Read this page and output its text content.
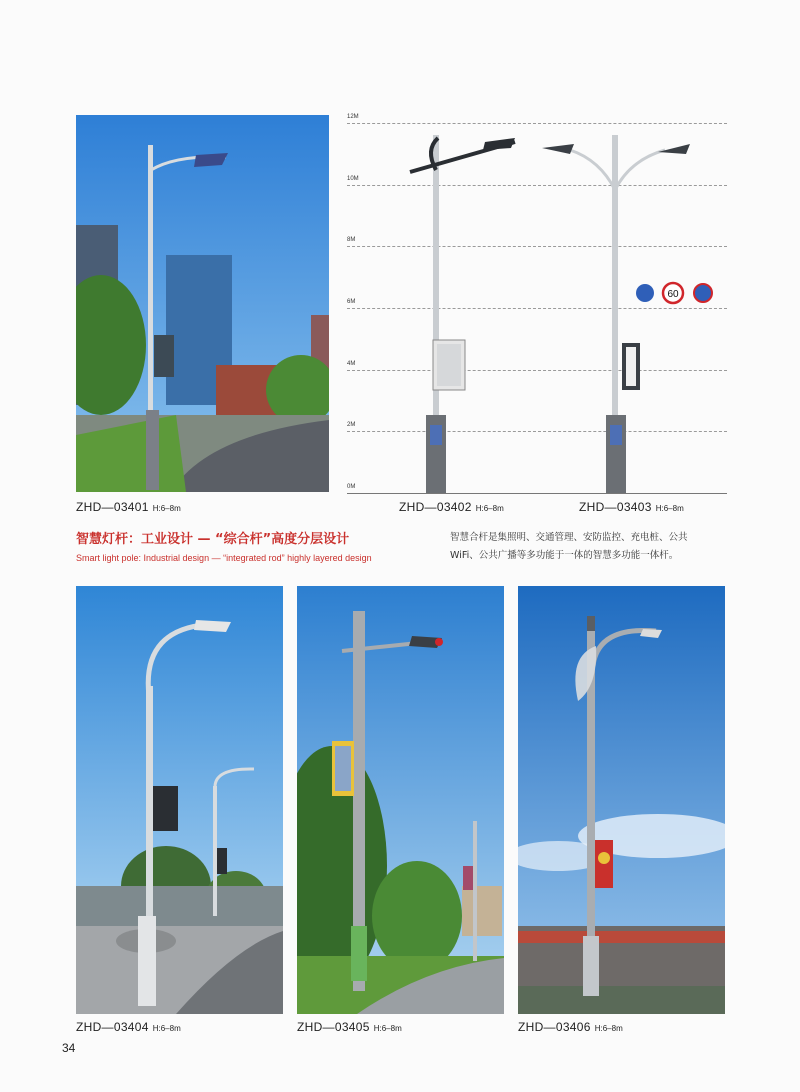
12M
10M
8M
6M
4M
2M
0M
60
ZHD—03401 H:6–8m	ZHD—03402 H:6–8m	ZHD—03403 H:6–8m
智慧灯杆：工业设计 — “综合杆”高度分层设计
Smart light pole: Industrial design — “integrated rod” highly layered design
智慧合杆是集照明、交通管理、安防监控、充电桩、公共
WiFi、公共广播等多功能于一体的智慧多功能一体杆。
ZHD—03404 H:6–8m	ZHD—03405 H:6–8m	ZHD—03406 H:6–8m
34
